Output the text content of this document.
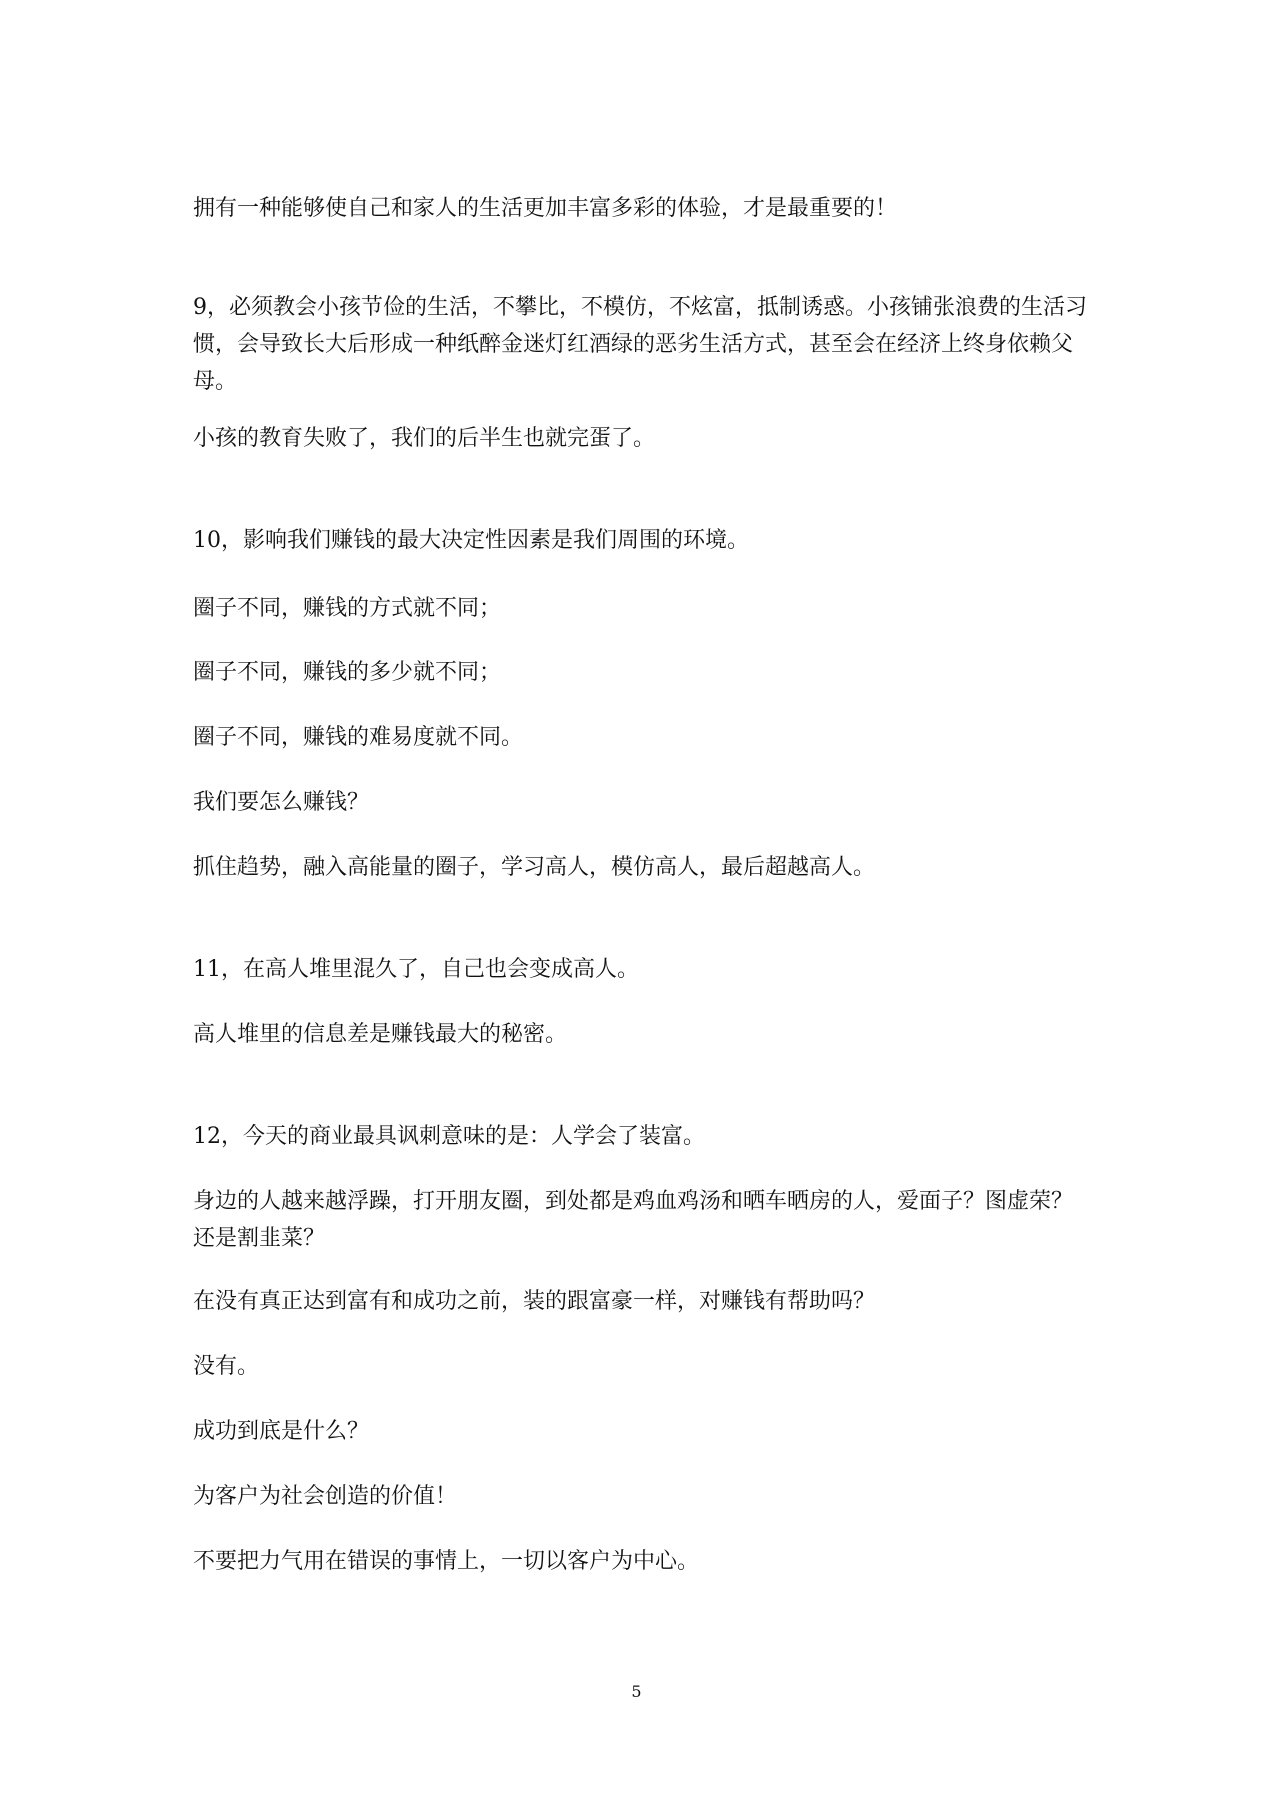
拥有一种能够使自己和家人的生活更加丰富多彩的体验，才是最重要的！

9，必须教会小孩节俭的生活，不攀比，不模仿，不炫富，抵制诱惑。小孩铺张浪费的生活习惯，会导致长大后形成一种纸醉金迷灯红酒绿的恶劣生活方式，甚至会在经济上终身依赖父母。

小孩的教育失败了，我们的后半生也就完蛋了。

10，影响我们赚钱的最大决定性因素是我们周围的环境。

圈子不同，赚钱的方式就不同；

圈子不同，赚钱的多少就不同；

圈子不同，赚钱的难易度就不同。

我们要怎么赚钱？

抓住趋势，融入高能量的圈子，学习高人，模仿高人，最后超越高人。

11，在高人堆里混久了，自己也会变成高人。

高人堆里的信息差是赚钱最大的秘密。

12，今天的商业最具讽刺意味的是：人学会了装富。

身边的人越来越浮躁，打开朋友圈，到处都是鸡血鸡汤和晒车晒房的人，爱面子？图虚荣？还是割韭菜？

在没有真正达到富有和成功之前，装的跟富豪一样，对赚钱有帮助吗？

没有。

成功到底是什么？

为客户为社会创造的价值！

不要把力气用在错误的事情上，一切以客户为中心。

5
